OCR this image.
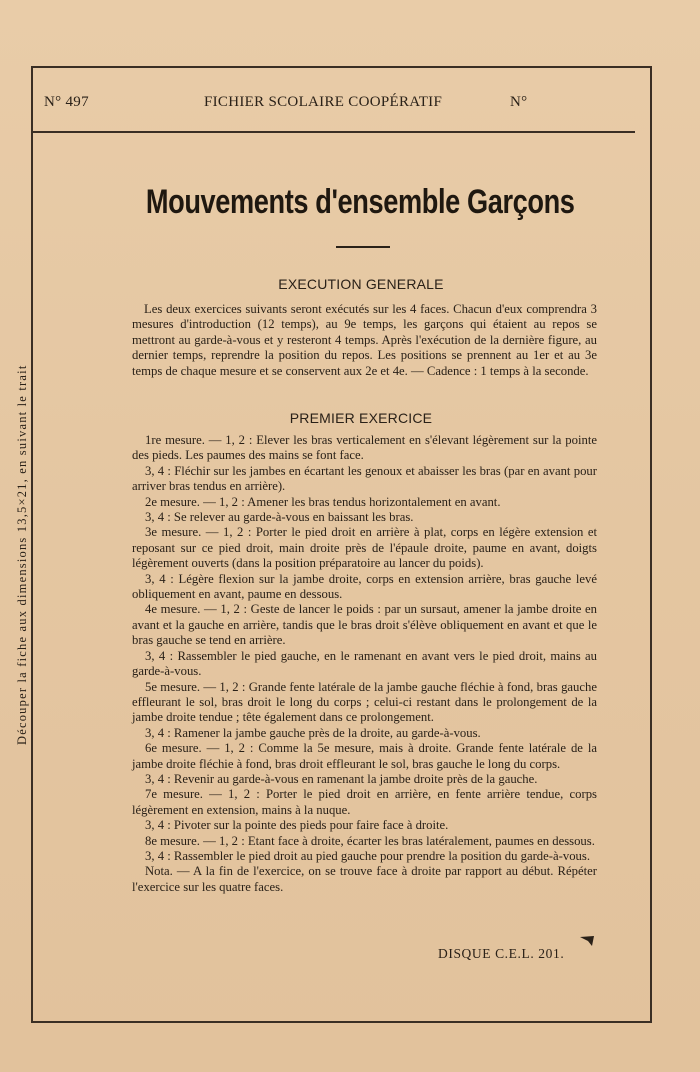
Découper la fiche aux dimensions 13,5×21, en suivant le trait
N° 497	FICHIER SCOLAIRE COOPÉRATIF	N°
Mouvements d'ensemble Garçons
EXECUTION GENERALE

Les deux exercices suivants seront exécutés sur les 4 faces. Chacun d'eux comprendra 3 mesures d'introduction (12 temps), au 9e temps, les garçons qui étaient au repos se mettront au garde-à-vous et y resteront 4 temps. Après l'exécution de la dernière figure, au dernier temps, reprendre la position du repos. Les positions se prennent au 1er et au 3e temps de chaque mesure et se conservent aux 2e et 4e. — Cadence : 1 temps à la seconde.

PREMIER EXERCICE

1re mesure. — 1, 2 : Elever les bras verticalement en s'élevant légèrement sur la pointe des pieds. Les paumes des mains se font face.

3, 4 : Fléchir sur les jambes en écartant les genoux et abaisser les bras (par en avant pour arriver bras tendus en arrière).

2e mesure. — 1, 2 : Amener les bras tendus horizontalement en avant.

3, 4 : Se relever au garde-à-vous en baissant les bras.

3e mesure. — 1, 2 : Porter le pied droit en arrière à plat, corps en légère extension et reposant sur ce pied droit, main droite près de l'épaule droite, paume en avant, doigts légèrement ouverts (dans la position préparatoire au lancer du poids).

3, 4 : Légère flexion sur la jambe droite, corps en extension arrière, bras gauche levé obliquement en avant, paume en dessous.

4e mesure. — 1, 2 : Geste de lancer le poids : par un sursaut, amener la jambe droite en avant et la gauche en arrière, tandis que le bras droit s'élève obliquement en avant et que le bras gauche se tend en arrière.

3, 4 : Rassembler le pied gauche, en le ramenant en avant vers le pied droit, mains au garde-à-vous.

5e mesure. — 1, 2 : Grande fente latérale de la jambe gauche fléchie à fond, bras gauche effleurant le sol, bras droit le long du corps ; celui-ci restant dans le prolongement de la jambe droite tendue ; tête également dans ce prolongement.

3, 4 : Ramener la jambe gauche près de la droite, au garde-à-vous.

6e mesure. — 1, 2 : Comme la 5e mesure, mais à droite. Grande fente latérale de la jambe droite fléchie à fond, bras droit effleurant le sol, bras gauche le long du corps.

3, 4 : Revenir au garde-à-vous en ramenant la jambe droite près de la gauche.

7e mesure. — 1, 2 : Porter le pied droit en arrière, en fente arrière tendue, corps légèrement en extension, mains à la nuque.

3, 4 : Pivoter sur la pointe des pieds pour faire face à droite.

8e mesure. — 1, 2 : Etant face à droite, écarter les bras latéralement, paumes en dessous.

3, 4 : Rassembler le pied droit au pied gauche pour prendre la position du garde-à-vous.

Nota. — A la fin de l'exercice, on se trouve face à droite par rapport au début. Répéter l'exercice sur les quatre faces.

DISQUE C.E.L. 201.
